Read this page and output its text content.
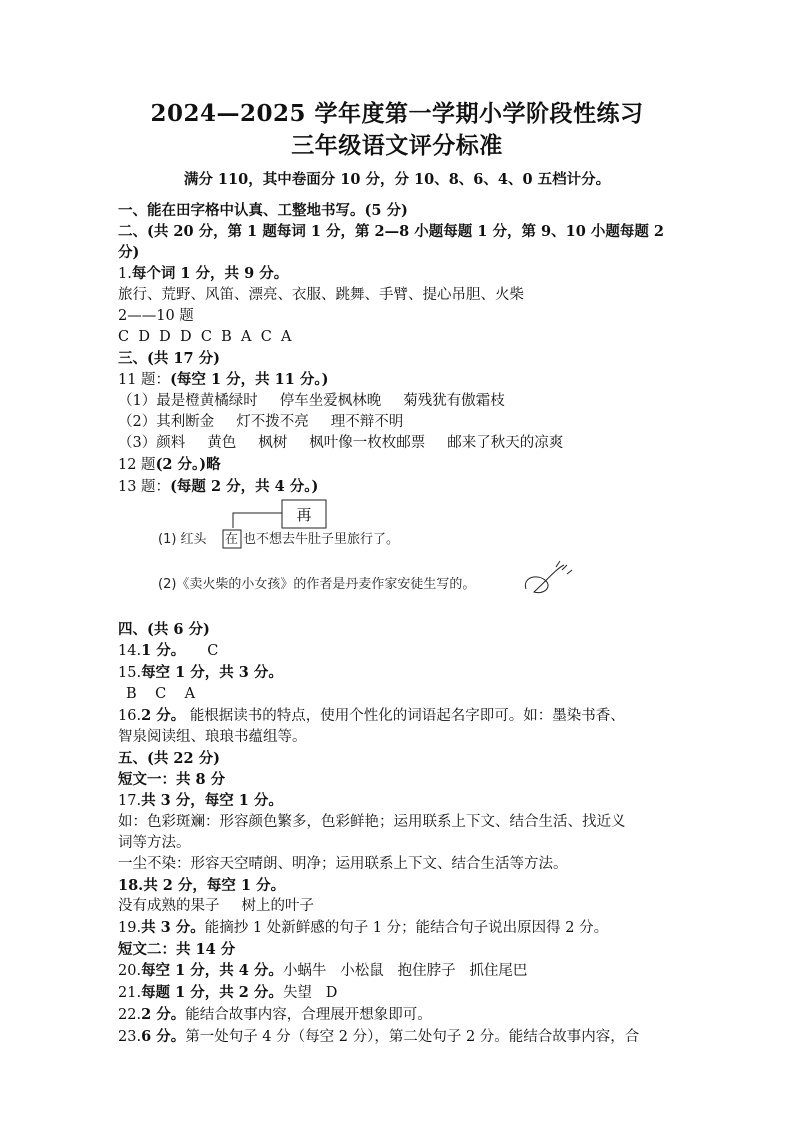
2024—2025 学年度第一学期小学阶段性练习
三年级语文评分标准
满分 110，其中卷面分 10 分，分 10、8、6、4、0 五档计分。

一、能在田字格中认真、工整地书写。(5 分)

二、(共 20 分，第 1 题每词 1 分，第 2—8 小题每题 1 分，第 9、10 小题每题 2

分)

1.每个词 1 分，共 9 分。

旅行、荒野、风笛、漂亮、衣服、跳舞、手臂、提心吊胆、火柴

2——10 题

C  D  D  D  C  B  A  C  A

三、(共 17 分)

11 题：(每空 1 分，共 11 分。)

（1）最是橙黄橘绿时 停车坐爱枫林晚 菊残犹有傲霜枝

（2）其利断金 灯不拨不亮 理不辩不明

（3）颜料 黄色 枫树 枫叶像一枚枚邮票 邮来了秋天的凉爽

12 题(2 分。)略

13 题：(每题 2 分，共 4 分。)

再
(1) 红头 在 也不想去牛肚子里旅行了。
(2)《卖火柴的小女孩》的作者是丹麦作家安徒生写的。

四、(共 6 分)

14.1 分。 C

15.每空 1 分，共 3 分。

B    C    A

16.2 分。 能根据读书的特点，使用个性化的词语起名字即可。如：墨染书香、

智泉阅读组、琅琅书蕴组等。

五、(共 22 分)

短文一：共 8 分

17.共 3 分，每空 1 分。

如：色彩斑斓：形容颜色繁多，色彩鲜艳；运用联系上下文、结合生活、找近义

词等方法。

一尘不染：形容天空晴朗、明净；运用联系上下文、结合生活等方法。

18.共 2 分，每空 1 分。

没有成熟的果子 树上的叶子

19.共 3 分。能摘抄 1 处新鲜感的句子 1 分；能结合句子说出原因得 2 分。

短文二：共 14 分

20.每空 1 分，共 4 分。小蜗牛   小松鼠   抱住脖子   抓住尾巴

21.每题 1 分，共 2 分。失望   D

22.2 分。能结合故事内容，合理展开想象即可。

23.6 分。第一处句子 4 分（每空 2 分），第二处句子 2 分。能结合故事内容，合
